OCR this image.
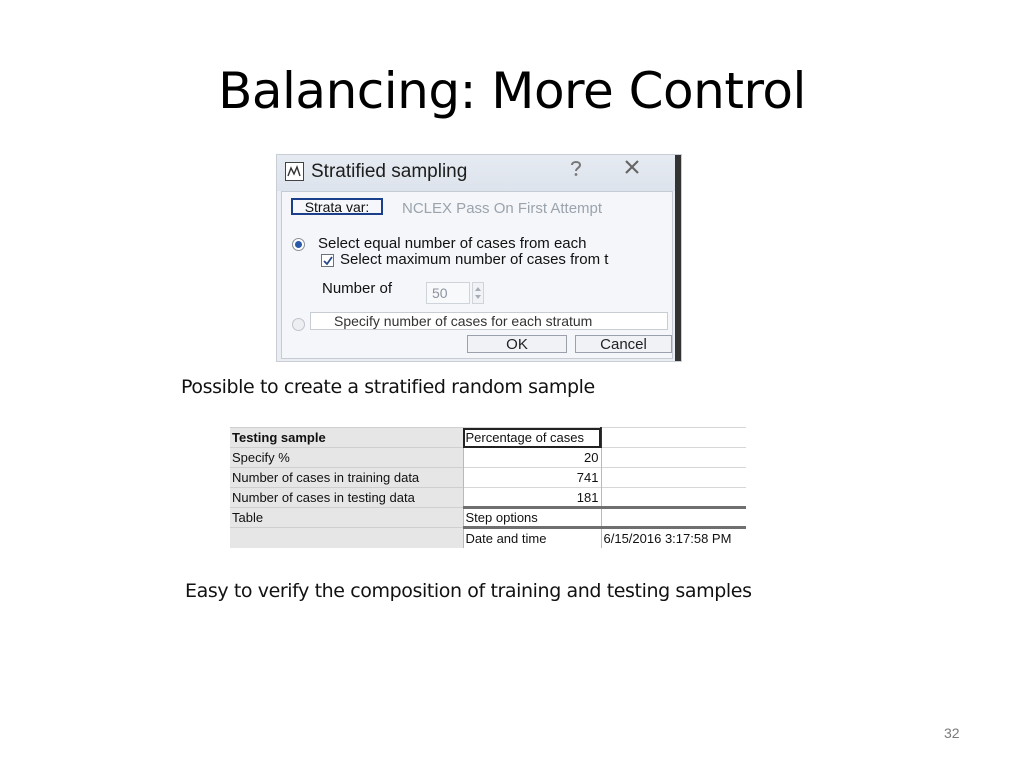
Balancing: More Control
Stratified sampling
Strata var:	NCLEX Pass On First Attempt
Select equal number of cases from each
Select maximum number of cases from t
Number of	50
Specify number of cases for each stratum
OK	Cancel
Possible to create a stratified random sample
Testing sample	Percentage of cases	
Specify %	20	
Number of cases in training data	741	
Number of cases in testing data	181	
Table	Step options	
	Date and time	6/15/2016 3:17:58 PM
Easy to verify the composition of training and testing samples
32
